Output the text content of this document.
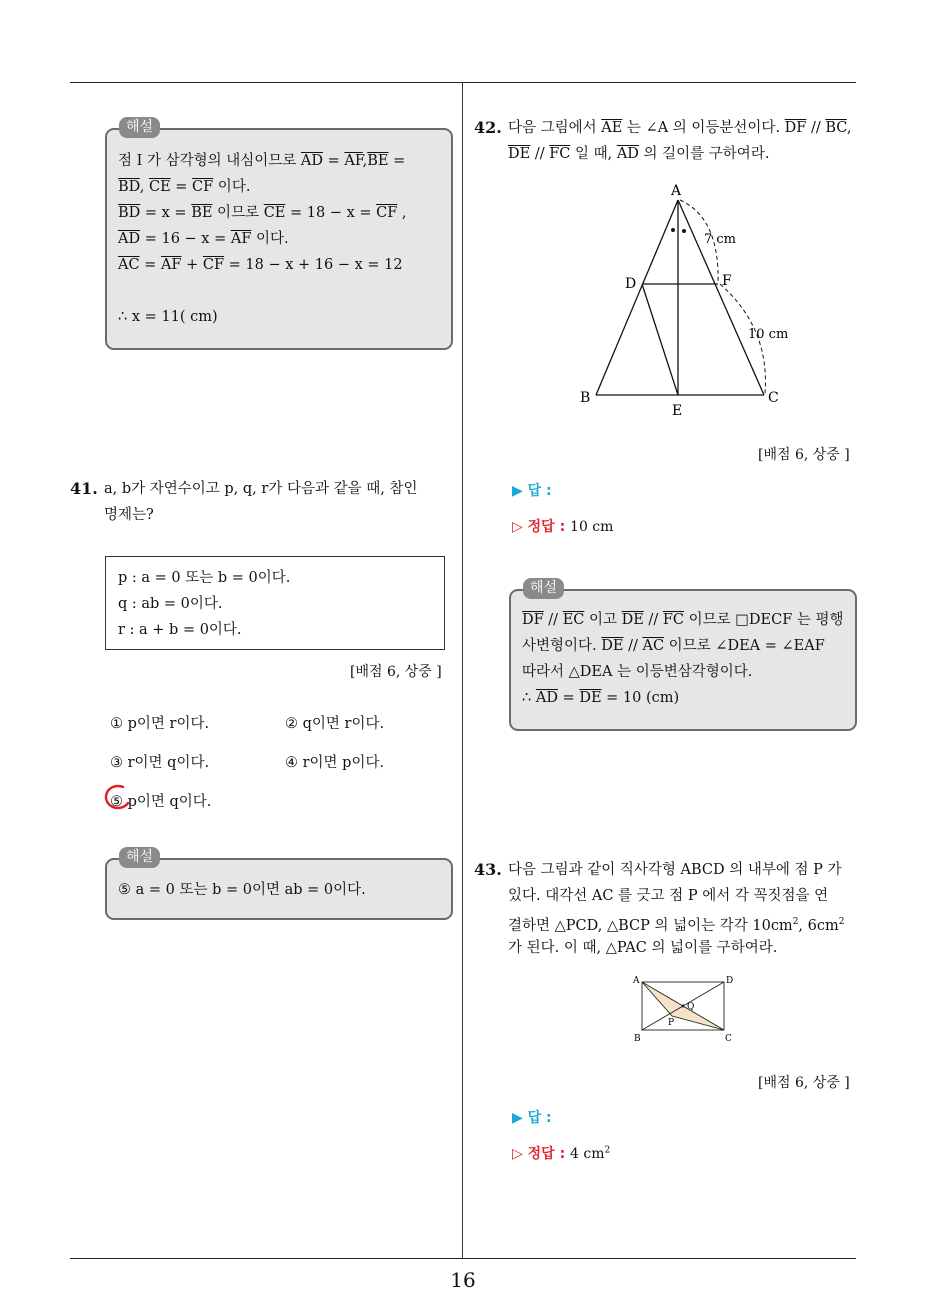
해설
점 I 가 삼각형의 내심이므로 $\overline{AD} = \overline{AF},\overline{BE}$ =
$\overline{BD}$, $\overline{CE} = \overline{CF}$ 이다.
$\overline{BD} = x = \overline{BE}$ 이므로 $\overline{CE} = 18 - x = \overline{CF}$ ,
$\overline{AD} = 16 - x = \overline{AF}$ 이다.
$\overline{AC} = \overline{AF} + \overline{CF} = 18 - x + 16 - x = 12$
∴ x = 11( cm)
41. a, b가 자연수이고 p, q, r가 다음과 같을 때, 참인
명제는?
p : a = 0 또는 b = 0이다.
q : ab = 0이다.
r : a + b = 0이다.
[배점 6, 상중 ]
① p이면 r이다.	② q이면 r이다.
③ r이면 q이다.	④ r이면 p이다.
⑤ p이면 q이다.
해설
⑤ a = 0 또는 b = 0이면 ab = 0이다.
42. 다음 그림에서 $\overline{AE}$ 는 ∠A 의 이등분선이다. $\overline{DF} // \overline{BC}$,
$\overline{DE} // \overline{FC}$ 일 때, $\overline{AD}$ 의 길이를 구하여라.
A
D	F
B	C
E
7 cm
10 cm
[배점 6, 상중 ]
▶ 답 :
▷ 정답 : 10 cm
해설
$\overline{DF} // \overline{EC}$ 이고 $\overline{DE} // \overline{FC}$ 이므로 □DECF 는 평행
사변형이다. $\overline{DE} // \overline{AC}$ 이므로 ∠DEA = ∠EAF
따라서 △DEA 는 이등변삼각형이다.
∴ $\overline{AD} = \overline{DE} = 10$ (cm)
43. 다음 그림과 같이 직사각형 ABCD 의 내부에 점 P 가
있다. 대각선 AC 를 긋고 점 P 에서 각 꼭짓점을 연
결하면 △PCD, △BCP 의 넓이는 각각 $10cm^2$, $6cm^2$
가 된다. 이 때, △PAC 의 넓이를 구하여라.
A	D
B	C
P
Q
[배점 6, 상중 ]
▶ 답 :
▷ 정답 : 4 $cm^2$
16
